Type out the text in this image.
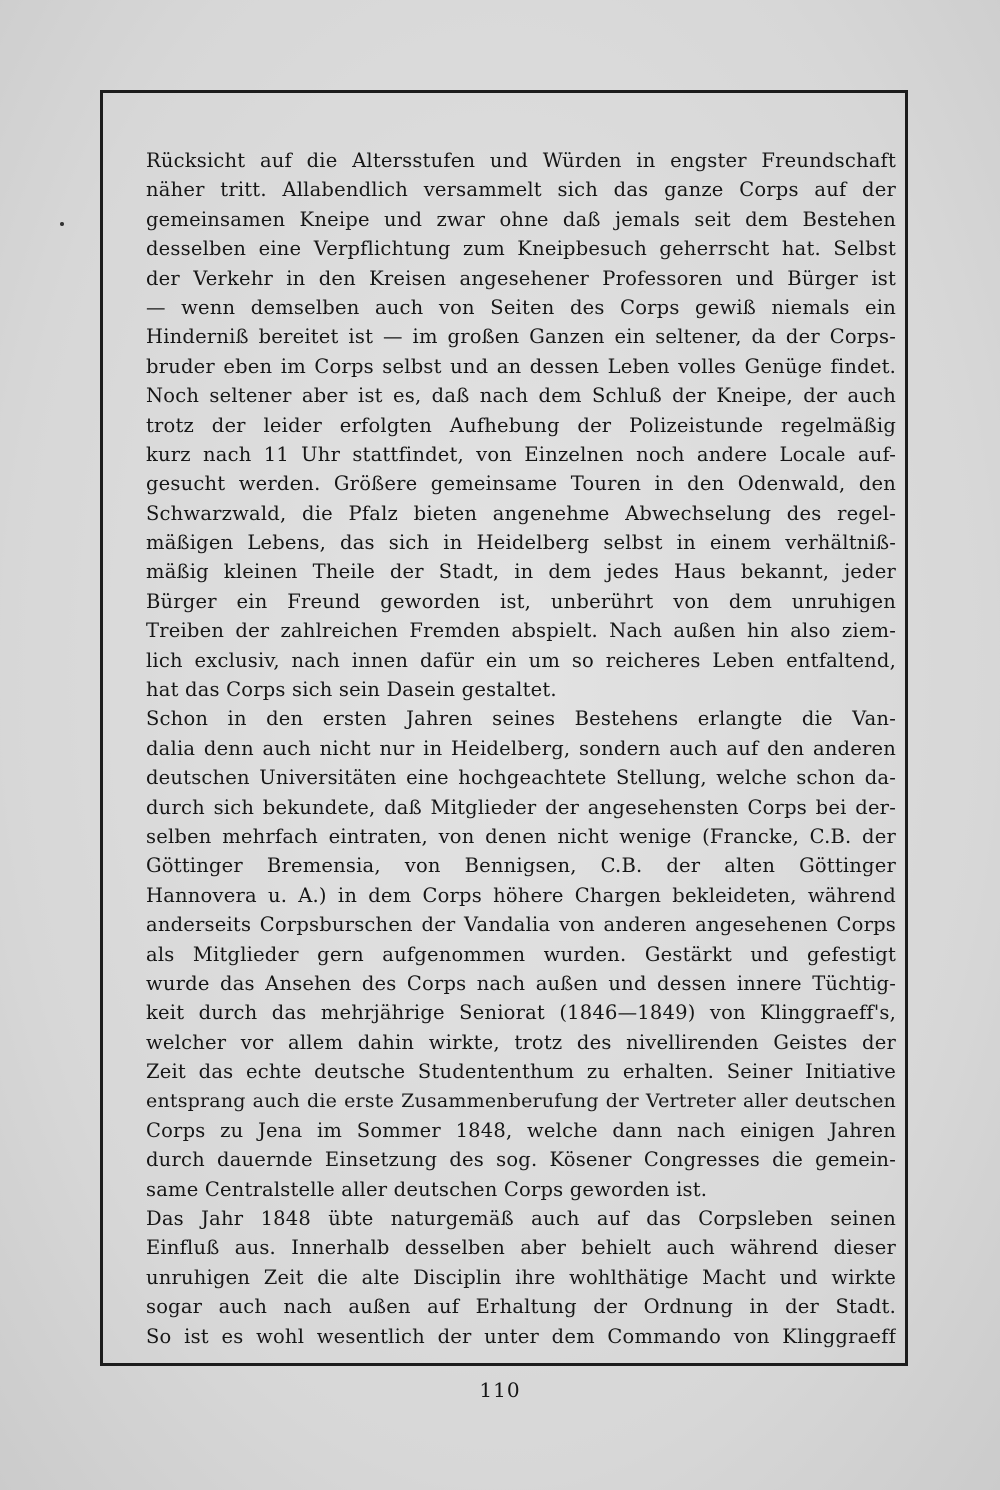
Rücksicht auf die Altersstufen und Würden in engster Freundschaft
näher tritt. Allabendlich versammelt sich das ganze Corps auf der
gemeinsamen Kneipe und zwar ohne daß jemals seit dem Bestehen
desselben eine Verpflichtung zum Kneipbesuch geherrscht hat. Selbst
der Verkehr in den Kreisen angesehener Professoren und Bürger ist
— wenn demselben auch von Seiten des Corps gewiß niemals ein
Hinderniß bereitet ist — im großen Ganzen ein seltener, da der Corps-
bruder eben im Corps selbst und an dessen Leben volles Genüge findet.
Noch seltener aber ist es, daß nach dem Schluß der Kneipe, der auch
trotz der leider erfolgten Aufhebung der Polizeistunde regelmäßig
kurz nach 11 Uhr stattfindet, von Einzelnen noch andere Locale auf-
gesucht werden. Größere gemeinsame Touren in den Odenwald, den
Schwarzwald, die Pfalz bieten angenehme Abwechselung des regel-
mäßigen Lebens, das sich in Heidelberg selbst in einem verhältniß-
mäßig kleinen Theile der Stadt, in dem jedes Haus bekannt, jeder
Bürger ein Freund geworden ist, unberührt von dem unruhigen
Treiben der zahlreichen Fremden abspielt. Nach außen hin also ziem-
lich exclusiv, nach innen dafür ein um so reicheres Leben entfaltend,
hat das Corps sich sein Dasein gestaltet.
Schon in den ersten Jahren seines Bestehens erlangte die Van-
dalia denn auch nicht nur in Heidelberg, sondern auch auf den anderen
deutschen Universitäten eine hochgeachtete Stellung, welche schon da-
durch sich bekundete, daß Mitglieder der angesehensten Corps bei der-
selben mehrfach eintraten, von denen nicht wenige (Francke, C.B. der
Göttinger Bremensia, von Bennigsen, C.B. der alten Göttinger
Hannovera u. A.) in dem Corps höhere Chargen bekleideten, während
anderseits Corpsburschen der Vandalia von anderen angesehenen Corps
als Mitglieder gern aufgenommen wurden. Gestärkt und gefestigt
wurde das Ansehen des Corps nach außen und dessen innere Tüchtig-
keit durch das mehrjährige Seniorat (1846—1849) von Klinggraeff's,
welcher vor allem dahin wirkte, trotz des nivellirenden Geistes der
Zeit das echte deutsche Studententhum zu erhalten. Seiner Initiative
entsprang auch die erste Zusammenberufung der Vertreter aller deutschen
Corps zu Jena im Sommer 1848, welche dann nach einigen Jahren
durch dauernde Einsetzung des sog. Kösener Congresses die gemein-
same Centralstelle aller deutschen Corps geworden ist.
Das Jahr 1848 übte naturgemäß auch auf das Corpsleben seinen
Einfluß aus. Innerhalb desselben aber behielt auch während dieser
unruhigen Zeit die alte Disciplin ihre wohlthätige Macht und wirkte
sogar auch nach außen auf Erhaltung der Ordnung in der Stadt.
So ist es wohl wesentlich der unter dem Commando von Klinggraeff
110
